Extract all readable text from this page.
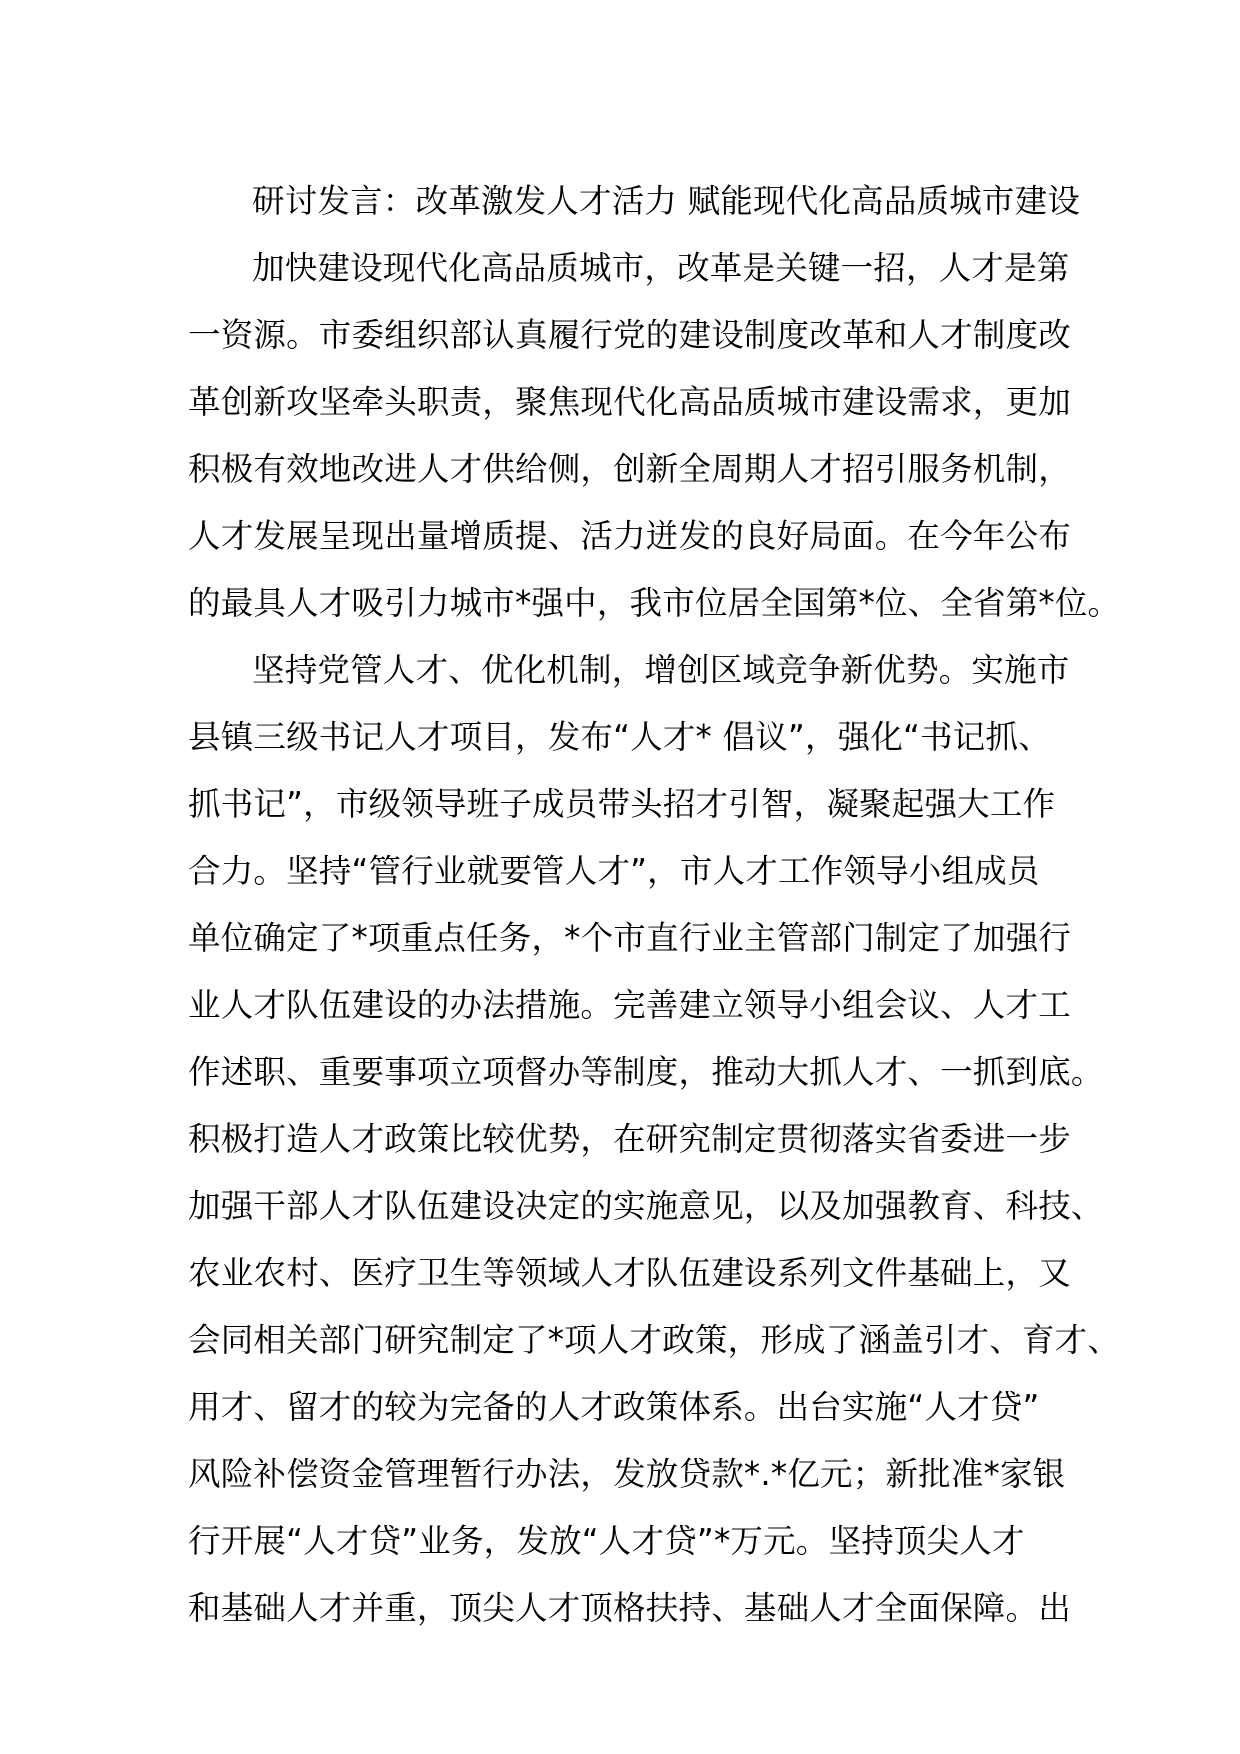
研讨发言：改革激发人才活力 赋能现代化高品质城市建设
加快建设现代化高品质城市，改革是关键一招，人才是第
一资源。市委组织部认真履行党的建设制度改革和人才制度改
革创新攻坚牵头职责，聚焦现代化高品质城市建设需求，更加
积极有效地改进人才供给侧，创新全周期人才招引服务机制，
人才发展呈现出量增质提、活力迸发的良好局面。在今年公布
的最具人才吸引力城市*强中，我市位居全国第*位、全省第*位。
坚持党管人才、优化机制，增创区域竞争新优势。实施市
县镇三级书记人才项目，发布“人才* 倡议”，强化“书记抓、
抓书记”，市级领导班子成员带头招才引智，凝聚起强大工作
合力。坚持“管行业就要管人才”，市人才工作领导小组成员
单位确定了*项重点任务，*个市直行业主管部门制定了加强行
业人才队伍建设的办法措施。完善建立领导小组会议、人才工
作述职、重要事项立项督办等制度，推动大抓人才、一抓到底。
积极打造人才政策比较优势，在研究制定贯彻落实省委进一步
加强干部人才队伍建设决定的实施意见，以及加强教育、科技、
农业农村、医疗卫生等领域人才队伍建设系列文件基础上，又
会同相关部门研究制定了*项人才政策，形成了涵盖引才、育才、
用才、留才的较为完备的人才政策体系。出台实施“人才贷”
风险补偿资金管理暂行办法，发放贷款*.*亿元；新批准*家银
行开展“人才贷”业务，发放“人才贷”*万元。坚持顶尖人才
和基础人才并重，顶尖人才顶格扶持、基础人才全面保障。出
